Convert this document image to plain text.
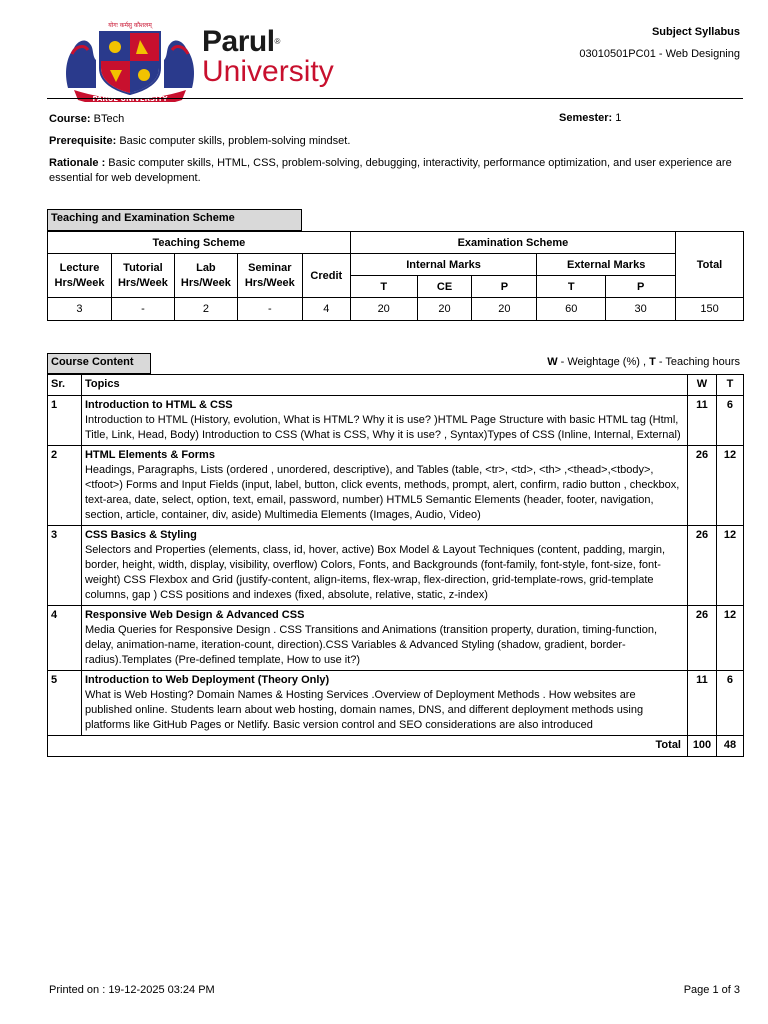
योगः कर्मसु कौशलम् Parul®
University
Subject Syllabus
03010501PC01 - Web Designing
Course: BTech	Semester: 1
Prerequisite: Basic computer skills, problem-solving mindset.
Rationale : Basic computer skills, HTML, CSS, problem-solving, debugging, interactivity, performance optimization, and user experience are essential for web development.
Teaching and Examination Scheme
Teaching Scheme					Examination Scheme					Total
Lecture Hrs/Week	Tutorial Hrs/Week	Lab Hrs/Week	Seminar Hrs/Week	Credit	Internal Marks			External Marks		
					T	CE	P	T	P	
3	-	2	-	4	20	20	20	60	30	150
Course Content	W - Weightage (%) , T - Teaching hours
Sr.	Topics	W	T
1	Introduction to HTML & CSS
Introduction to HTML (History, evolution, What is HTML? Why it is use? )HTML Page Structure with basic HTML tag (Html, Title, Link, Head, Body) Introduction to CSS (What is CSS, Why it is use? , Syntax)Types of CSS (Inline, Internal, External)	11	6
2	HTML Elements & Forms
Headings, Paragraphs, Lists (ordered , unordered, descriptive), and Tables (table, <tr>, <td>, <th> ,<thead>,<tbody>,<tfoot>) Forms and Input Fields (input, label, button, click events, methods, prompt, alert, confirm, radio button , checkbox, text-area, date, select, option, text, email, password, number) HTML5 Semantic Elements (header, footer, navigation, section, article, container, div, aside) Multimedia Elements (Images, Audio, Video)	26	12
3	CSS Basics & Styling
Selectors and Properties (elements, class, id, hover, active) Box Model & Layout Techniques (content, padding, margin, border, height, width, display, visibility, overflow) Colors, Fonts, and Backgrounds (font-family, font-style, font-size, font-weight) CSS Flexbox and Grid (justify-content, align-items, flex-wrap, flex-direction, grid-template-rows, grid-template columns, gap ) CSS positions and indexes (fixed, absolute, relative, static, z-index)	26	12
4	Responsive Web Design & Advanced CSS
Media Queries for Responsive Design . CSS Transitions and Animations (transition property, duration, timing-function, delay, animation-name, iteration-count, direction).CSS Variables & Advanced Styling (shadow, gradient, border-radius).Templates (Pre-defined template, How to use it?)	26	12
5	Introduction to Web Deployment (Theory Only)
What is Web Hosting? Domain Names & Hosting Services .Overview of Deployment Methods . How websites are published online. Students learn about web hosting, domain names, DNS, and different deployment methods using platforms like GitHub Pages or Netlify. Basic version control and SEO considerations are also introduced	11	6
Total		100	48
Printed on : 19-12-2025 03:24 PM	Page 1 of 3
